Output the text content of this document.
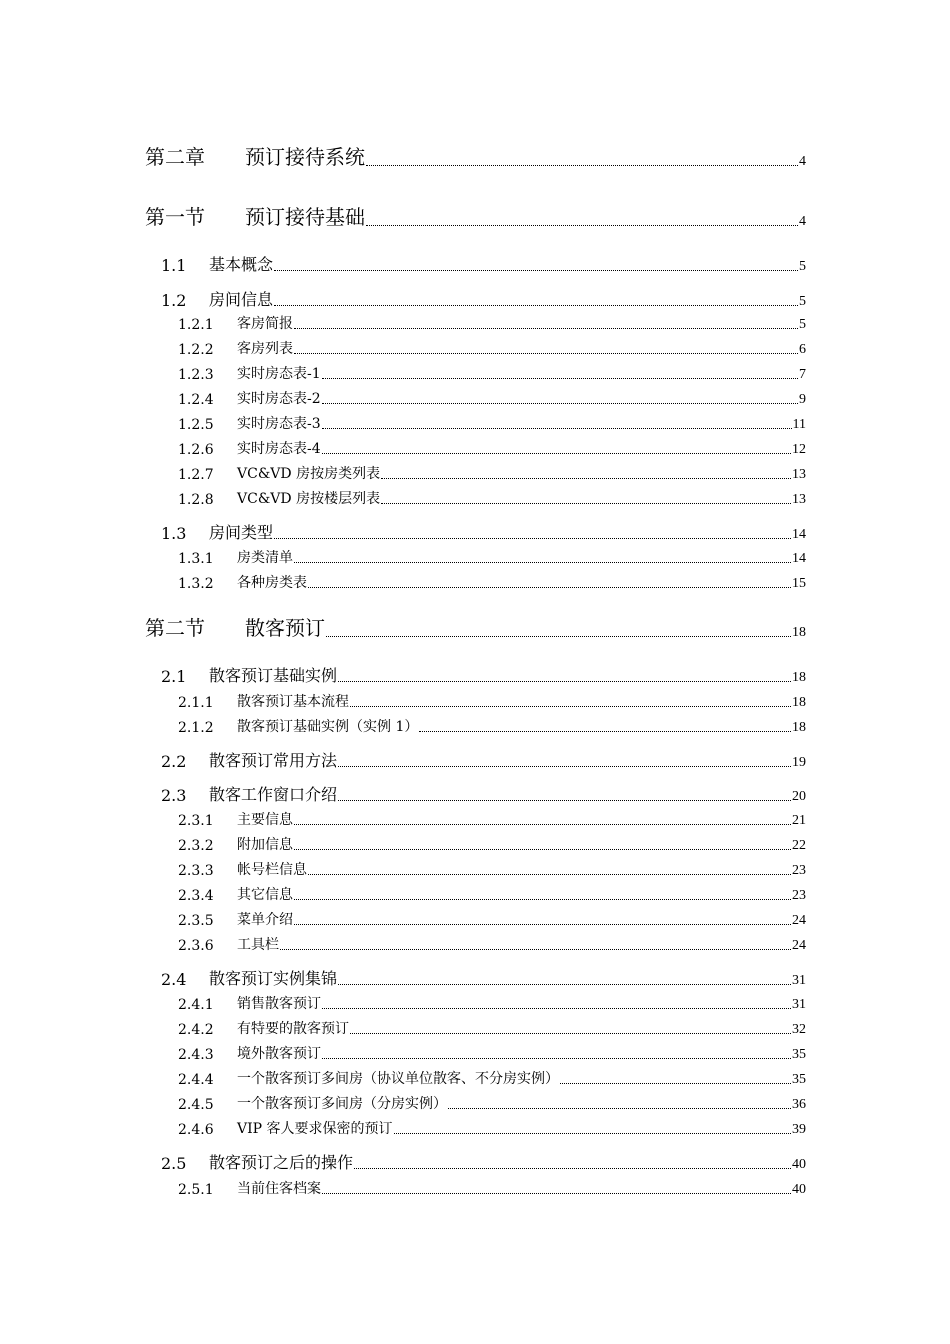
第二章	预订接待系统	4
第一节	预订接待基础	4
1.1	基本概念	5
1.2	房间信息	5
1.2.1	客房简报	5
1.2.2	客房列表	6
1.2.3	实时房态表-1	7
1.2.4	实时房态表-2	9
1.2.5	实时房态表-3	11
1.2.6	实时房态表-4	12
1.2.7	VC&VD 房按房类列表	13
1.2.8	VC&VD 房按楼层列表	13
1.3	房间类型	14
1.3.1	房类清单	14
1.3.2	各种房类表	15
第二节	散客预订	18
2.1	散客预订基础实例	18
2.1.1	散客预订基本流程	18
2.1.2	散客预订基础实例（实例 1）	18
2.2	散客预订常用方法	19
2.3	散客工作窗口介绍	20
2.3.1	主要信息	21
2.3.2	附加信息	22
2.3.3	帐号栏信息	23
2.3.4	其它信息	23
2.3.5	菜单介绍	24
2.3.6	工具栏	24
2.4	散客预订实例集锦	31
2.4.1	销售散客预订	31
2.4.2	有特要的散客预订	32
2.4.3	境外散客预订	35
2.4.4	一个散客预订多间房（协议单位散客、不分房实例）	35
2.4.5	一个散客预订多间房（分房实例）	36
2.4.6	VIP 客人要求保密的预订	39
2.5	散客预订之后的操作	40
2.5.1	当前住客档案	40
